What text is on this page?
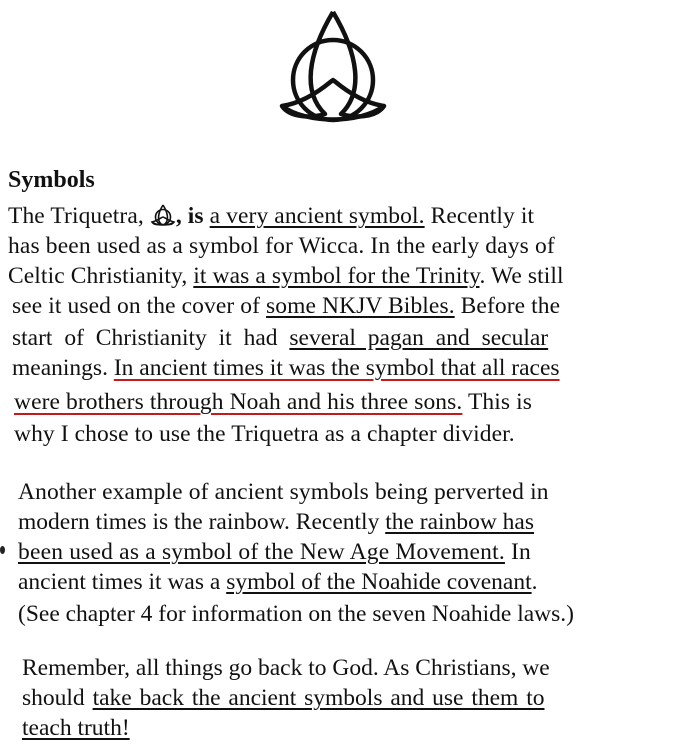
Symbols

The Triquetra, , is a very ancient symbol. Recently it

has been used as a symbol for Wicca. In the early days of

Celtic Christianity, it was a symbol for the Trinity. We still

see it used on the cover of some NKJV Bibles. Before the

start of Christianity it had several pagan and secular

meanings. In ancient times it was the symbol that all races

were brothers through Noah and his three sons. This is

why I chose to use the Triquetra as a chapter divider.

Another example of ancient symbols being perverted in

modern times is the rainbow. Recently the rainbow has

been used as a symbol of the New Age Movement. In

ancient times it was a symbol of the Noahide covenant.

(See chapter 4 for information on the seven Noahide laws.)

Remember, all things go back to God. As Christians, we

should take back the ancient symbols and use them to

teach truth!
